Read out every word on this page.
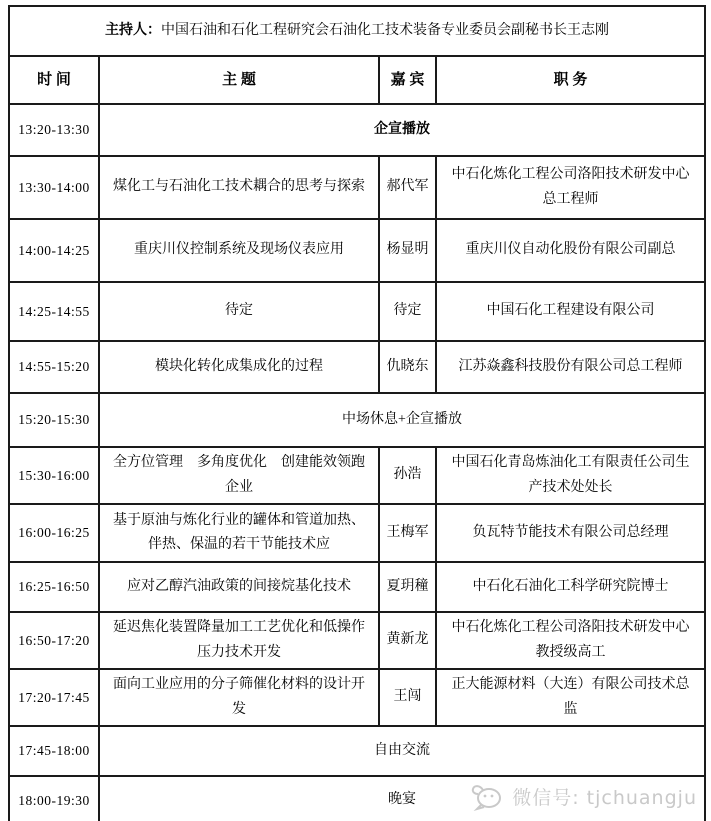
主持人：中国石油和石化工程研究会石油化工技术装备专业委员会副秘书长王志刚			
时 间	主 题	嘉 宾	职 务
13:20-13:30	企宣播放		
13:30-14:00	煤化工与石油化工技术耦合的思考与探索	郝代军	中石化炼化工程公司洛阳技术研发中心总工程师
14:00-14:25	重庆川仪控制系统及现场仪表应用	杨显明	重庆川仪自动化股份有限公司副总
14:25-14:55	待定	待定	中国石化工程建设有限公司
14:55-15:20	模块化转化成集成化的过程	仇晓东	江苏焱鑫科技股份有限公司总工程师
15:20-15:30	中场休息+企宣播放		
15:30-16:00	全方位管理　多角度优化　创建能效领跑企业	孙浩	中国石化青岛炼油化工有限责任公司生产技术处处长
16:00-16:25	基于原油与炼化行业的罐体和管道加热、伴热、保温的若干节能技术应	王梅军	负瓦特节能技术有限公司总经理
16:25-16:50	应对乙醇汽油政策的间接烷基化技术	夏玥穜	中石化石油化工科学研究院博士
16:50-17:20	延迟焦化装置降量加工工艺优化和低操作压力技术开发	黄新龙	中石化炼化工程公司洛阳技术研发中心教授级高工
17:20-17:45	面向工业应用的分子筛催化材料的设计开发	王闯	正大能源材料（大连）有限公司技术总监
17:45-18:00	自由交流		
18:00-19:30	晚宴			微信号: tjchuangju
